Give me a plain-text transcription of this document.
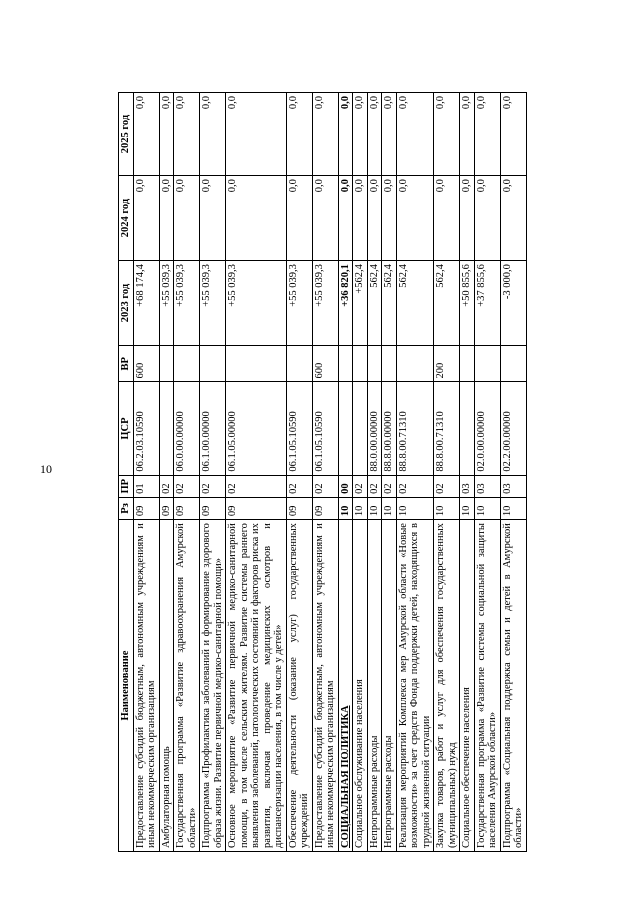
10
Наименование	Рз	ПР	ЦСР	ВР	2023 год	2024 год	2025 год
Предоставление субсидий бюджетным, автономным учреждениям и иным некоммерческим организациям	09	01	06.2.03.10590	600	+68 174,4	0,0	0,0
Амбулаторная помощь	09	02			+55 039,3	0,0	0,0
Государственная программа «Развитие здравоохранения Амурской области»	09	02	06.0.00.00000		+55 039,3	0,0	0,0
Подпрограмма «Профилактика заболеваний и формирование здорового образа жизни. Развитие первичной медико-санитарной помощи»	09	02	06.1.00.00000		+55 039,3	0,0	0,0
Основное мероприятие «Развитие первичной медико-санитарной помощи, в том числе сельским жителям. Развитие системы раннего выявления заболеваний, патологических состояний и факторов риска их развития, включая проведение медицинских осмотров и диспансеризации населения, в том числе у детей»	09	02	06.1.05.00000		+55 039,3	0,0	0,0
Обеспечение деятельности (оказание услуг) государственных учреждений	09	02	06.1.05.10590		+55 039,3	0,0	0,0
Предоставление субсидий бюджетным, автономным учреждениям и иным некоммерческим организациям	09	02	06.1.05.10590	600	+55 039,3	0,0	0,0
СОЦИАЛЬНАЯ ПОЛИТИКА	10	00			+36 820,1	0,0	0,0
Социальное обслуживание населения	10	02			+562,4	0,0	0,0
Непрограммные расходы	10	02	88.0.00.00000		562,4	0,0	0,0
Непрограммные расходы	10	02	88.8.00.00000		562,4	0,0	0,0
Реализация мероприятий Комплекса мер Амурской области «Новые возможности» за счет средств Фонда поддержки детей, находящихся в трудной жизненной ситуации	10	02	88.8.00.71310		562,4	0,0	0,0
Закупка товаров, работ и услуг для обеспечения государственных (муниципальных) нужд	10	02	88.8.00.71310	200	562,4	0,0	0,0
Социальное обеспечение населения	10	03			+50 855,6	0,0	0,0
Государственная программа «Развитие системы социальной защиты населения Амурской области»	10	03	02.0.00.00000		+37 855,6	0,0	0,0
Подпрограмма «Социальная поддержка семьи и детей в Амурской области»	10	03	02.2.00.00000		-3 000,0	0,0	0,0
